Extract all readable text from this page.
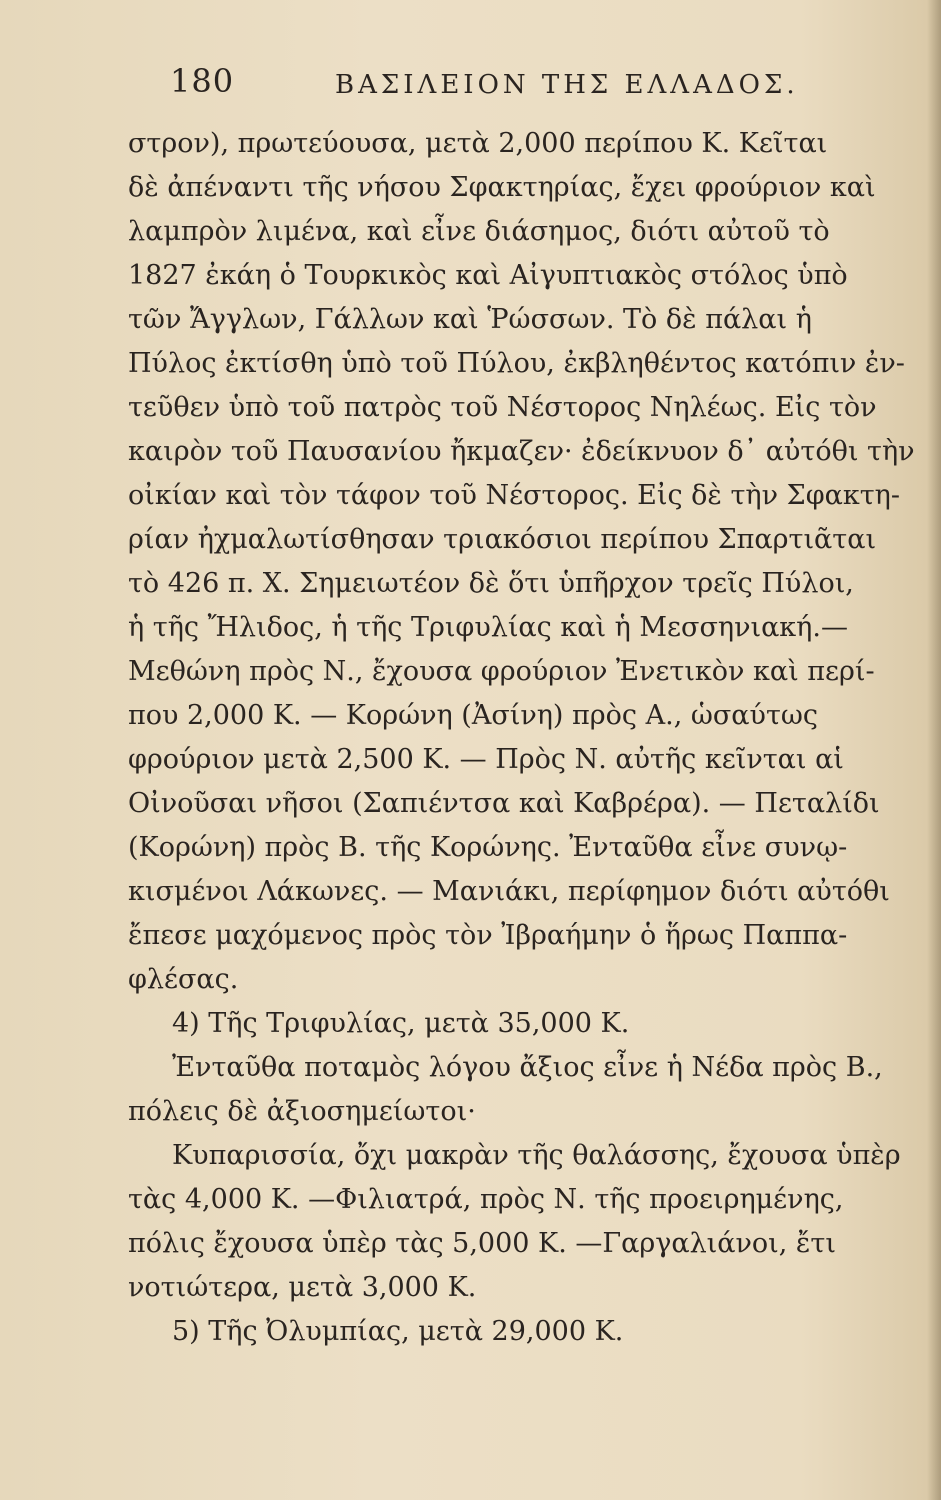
180	ΒΑΣΙΛΕΙΟΝ ΤΗΣ ΕΛΛΑΔΟΣ.
στρον), πρωτεύουσα, μετὰ 2,000 περίπου Κ. Κεῖται
δὲ ἀπέναντι τῆς νήσου Σφακτηρίας, ἔχει φρούριον καὶ
λαμπρὸν λιμένα, καὶ εἶνε διάσημος, διότι αὐτοῦ τὸ
1827 ἐκάη ὁ Τουρκικὸς καὶ Αἰγυπτιακὸς στόλος ὑπὸ
τῶν Ἄγγλων, Γάλλων καὶ Ῥώσσων. Τὸ δὲ πάλαι ἡ
Πύλος ἐκτίσθη ὑπὸ τοῦ Πύλου, ἐκβληθέντος κατόπιν ἐν-
τεῦθεν ὑπὸ τοῦ πατρὸς τοῦ Νέστορος Νηλέως. Εἰς τὸν
καιρὸν τοῦ Παυσανίου ἤκμαζεν· ἐδείκνυον δ᾽ αὐτόθι τὴν
οἰκίαν καὶ τὸν τάφον τοῦ Νέστορος. Εἰς δὲ τὴν Σφακτη-
ρίαν ἠχμαλωτίσθησαν τριακόσιοι περίπου Σπαρτιᾶται
τὸ 426 π. Χ. Σημειωτέον δὲ ὅτι ὑπῆρχον τρεῖς Πύλοι,
ἡ τῆς Ἤλιδος, ἡ τῆς Τριφυλίας καὶ ἡ Μεσσηνιακή.—
Μεθώνη πρὸς Ν., ἔχουσα φρούριον Ἐνετικὸν καὶ περί-
που 2,000 Κ. — Κορώνη (Ἀσίνη) πρὸς Α., ὡσαύτως
φρούριον μετὰ 2,500 Κ. — Πρὸς Ν. αὐτῆς κεῖνται αἱ
Οἰνοῦσαι νῆσοι (Σαπιέντσα καὶ Καβρέρα). — Πεταλίδι
(Κορώνη) πρὸς Β. τῆς Κορώνης. Ἐνταῦθα εἶνε συνῳ-
κισμένοι Λάκωνες. — Μανιάκι, περίφημον διότι αὐτόθι
ἔπεσε μαχόμενος πρὸς τὸν Ἰβραήμην ὁ ἥρως Παππα-
φλέσας.
4) Τῆς Τριφυλίας, μετὰ 35,000 Κ.
Ἐνταῦθα ποταμὸς λόγου ἄξιος εἶνε ἡ Νέδα πρὸς Β.,
πόλεις δὲ ἀξιοσημείωτοι·
Κυπαρισσία, ὄχι μακρὰν τῆς θαλάσσης, ἔχουσα ὑπὲρ
τὰς 4,000 Κ. —Φιλιατρά, πρὸς Ν. τῆς προειρημένης,
πόλις ἔχουσα ὑπὲρ τὰς 5,000 Κ. —Γαργαλιάνοι, ἔτι
νοτιώτερα, μετὰ 3,000 Κ.
5) Τῆς Ὀλυμπίας, μετὰ 29,000 Κ.
